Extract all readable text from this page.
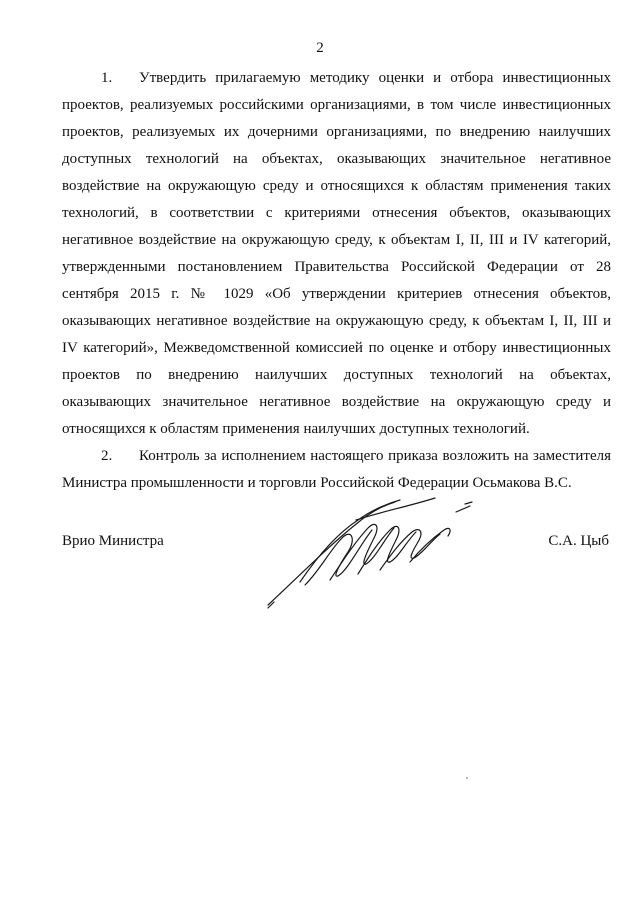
2

1. Утвердить прилагаемую методику оценки и отбора инвестиционных проектов, реализуемых российскими организациями, в том числе инвестиционных проектов, реализуемых их дочерними организациями, по внедрению наилучших доступных технологий на объектах, оказывающих значительное негативное воздействие на окружающую среду и относящихся к областям применения таких технологий, в соответствии с критериями отнесения объектов, оказывающих негативное воздействие на окружающую среду, к объектам I, II, III и IV категорий, утвержденными постановлением Правительства Российской Федерации от 28 сентября 2015 г. № 1029 «Об утверждении критериев отнесения объектов, оказывающих негативное воздействие на окружающую среду, к объектам I, II, III и IV категорий», Межведомственной комиссией по оценке и отбору инвестиционных проектов по внедрению наилучших доступных технологий на объектах, оказывающих значительное негативное воздействие на окружающую среду и относящихся к областям применения наилучших доступных технологий.

2. Контроль за исполнением настоящего приказа возложить на заместителя Министра промышленности и торговли Российской Федерации Осьмакова В.С.

Врио Министра	С.А. Цыб
